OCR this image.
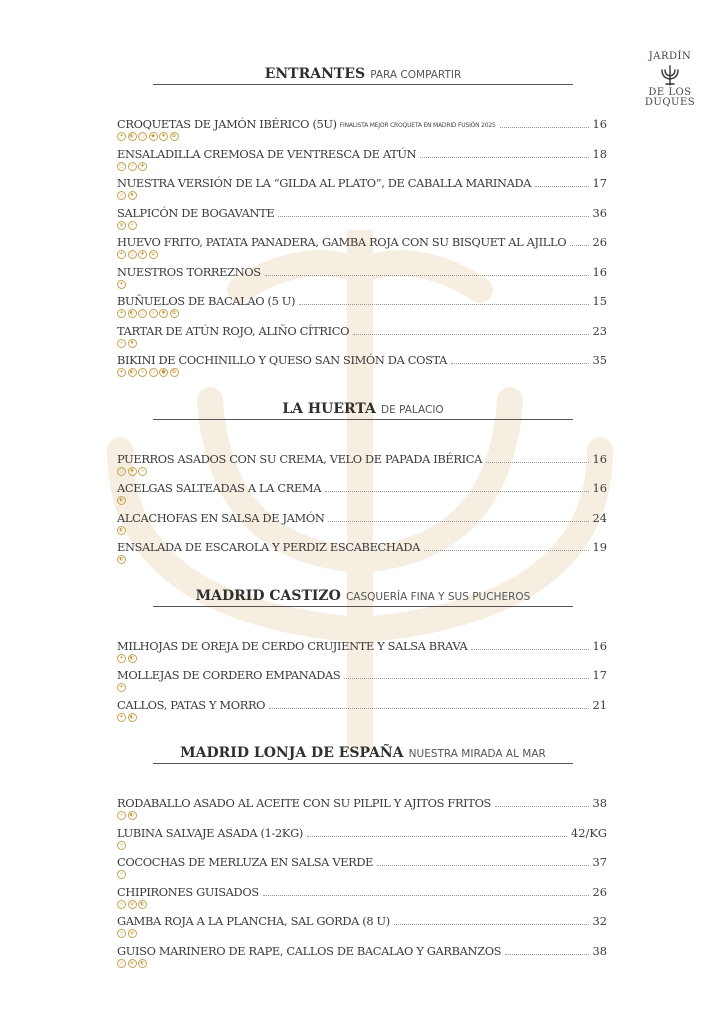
JARDÍN
DE LOS
DUQUES
ENTRANTES PARA COMPARTIR
CROQUETAS DE JAMÓN IBÉRICO (5U) FINALISTA MEJOR CROQUETA EN MADRID FUSIÓN 2025	16
✦	◐	○	◆	♦	✿
ENSALADILLA CREMOSA DE VENTRESCA DE ATÚN	18
○	∝	♦
NUESTRA VERSIÓN DE LA “GILDA AL PLATO”, DE CABALLA MARINADA	17
∝	♦
SALPICÓN DE BOGAVANTE	36
ψ	∝
HUEVO FRITO, PATATA PANADERA, GAMBA ROJA CON SU BISQUET AL AJILLO 26
✦	○	♦	ψ
NUESTROS TORREZNOS	16
✦
BUÑUELOS DE BACALAO (5 U)	15
✦	◐	○	∝	♦	✿
TARTAR DE ATÚN ROJO, ALIÑO CÍTRICO	23
∝	♦
BIKINI DE COCHINILLO Y QUESO SAN SIMÓN DA COSTA	35
✦	◐	∝	○	●	✿
LA HUERTA DE PALACIO
PUERROS ASADOS CON SU CREMA, VELO DE PAPADA IBÉRICA	16
○	♦	∝
ACELGAS SALTEADAS A LA CREMA	16
◐
ALCACHOFAS EN SALSA DE JAMÓN	24
◐
ENSALADA DE ESCAROLA Y PERDIZ ESCABECHADA	19
◐
MADRID CASTIZO CASQUERÍA FINA Y SUS PUCHEROS
MILHOJAS DE OREJA DE CERDO CRUJIENTE Y SALSA BRAVA	16
✦	◐
MOLLEJAS DE CORDERO EMPANADAS	17
✦
CALLOS, PATAS Y MORRO	21
✦	◐
MADRID LONJA DE ESPAÑA NUESTRA MIRADA AL MAR
RODABALLO ASADO AL ACEITE CON SU PILPIL Y AJITOS FRITOS	38
∝	◐
LUBINA SALVAJE ASADA (1-2KG)	42/KG
∝
COCOCHAS DE MERLUZA EN SALSA VERDE	37
∝
CHIPIRONES GUISADOS	26
∝	ψ	◐
GAMBA ROJA A LA PLANCHA, SAL GORDA (8 U)	32
∝	ψ
GUISO MARINERO DE RAPE, CALLOS DE BACALAO Y GARBANZOS	38
∝	ψ	◐
